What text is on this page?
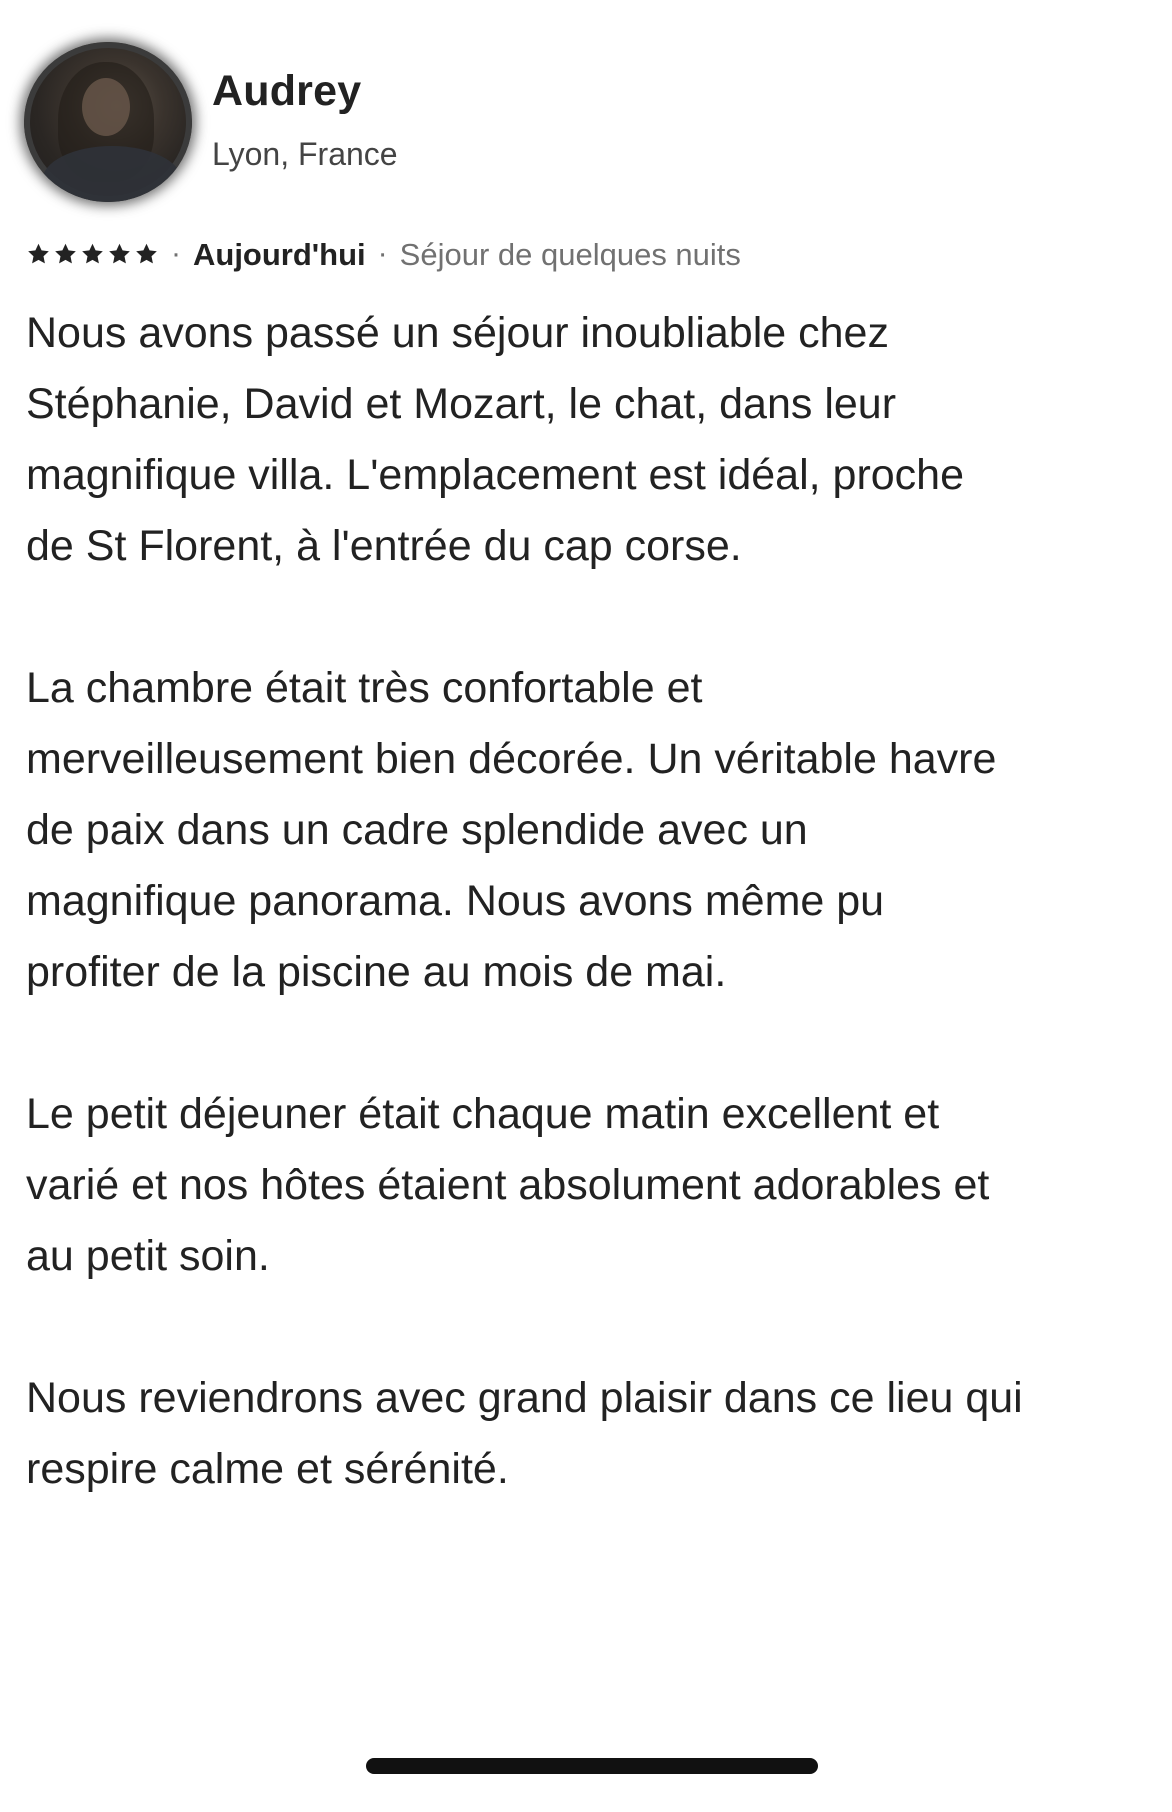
Audrey
Lyon, France
· Aujourd'hui · Séjour de quelques nuits

Nous avons passé un séjour inoubliable chez
Stéphanie, David et Mozart, le chat, dans leur
magnifique villa. L'emplacement est idéal, proche
de St Florent, à l'entrée du cap corse.

La chambre était très confortable et
merveilleusement bien décorée. Un véritable havre
de paix dans un cadre splendide avec un
magnifique panorama. Nous avons même pu
profiter de la piscine au mois de mai.

Le petit déjeuner était chaque matin excellent et
varié et nos hôtes étaient absolument adorables et
au petit soin.

Nous reviendrons avec grand plaisir dans ce lieu qui
respire calme et sérénité.
